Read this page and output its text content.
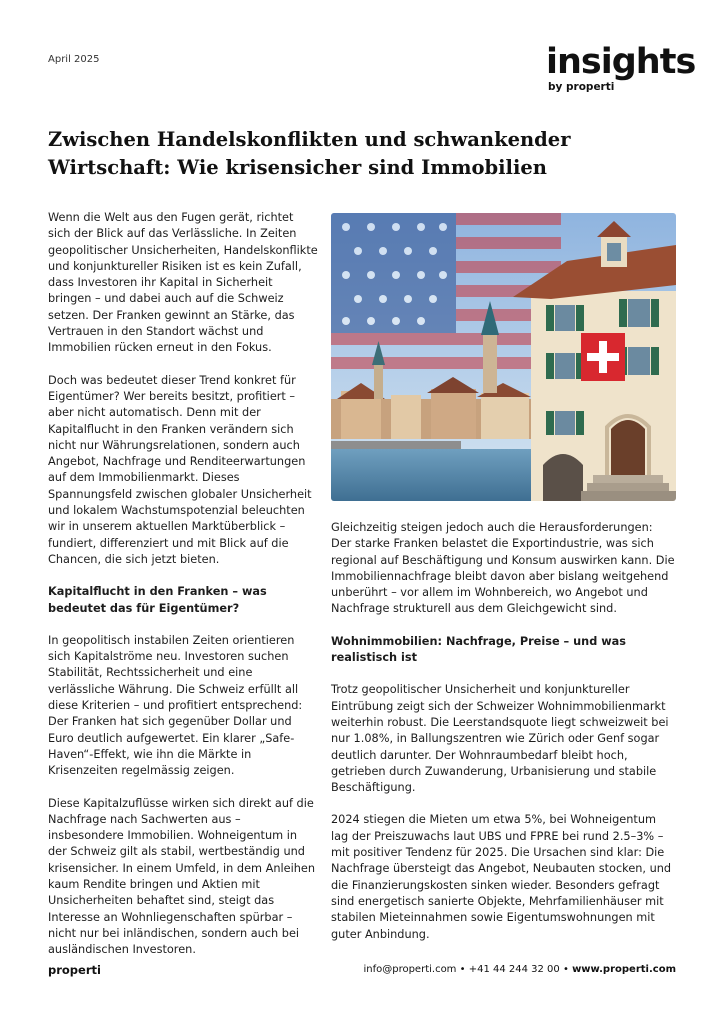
April 2025	insights
by properti
Zwischen Handelskonflikten und schwankender Wirtschaft: Wie krisensicher sind Immobilien

Wenn die Welt aus den Fugen gerät, richtet sich der Blick auf das Verlässliche. In Zeiten geopolitischer Unsicherheiten, Handelskonflikte und konjunktureller Risiken ist es kein Zufall, dass Investoren ihr Kapital in Sicherheit bringen – und dabei auch auf die Schweiz setzen. Der Franken gewinnt an Stärke, das Vertrauen in den Standort wächst und Immobilien rücken erneut in den Fokus.

Doch was bedeutet dieser Trend konkret für Eigentümer? Wer bereits besitzt, profitiert – aber nicht automatisch. Denn mit der Kapitalflucht in den Franken verändern sich nicht nur Währungsrelationen, sondern auch Angebot, Nachfrage und Renditeerwartungen auf dem Immobilienmarkt. Dieses Spannungsfeld zwischen globaler Unsicherheit und lokalem Wachstumspotenzial beleuchten wir in unserem aktuellen Marktüberblick – fundiert, differenziert und mit Blick auf die Chancen, die sich jetzt bieten.

Kapitalflucht in den Franken – was bedeutet das für Eigentümer?

In geopolitisch instabilen Zeiten orientieren sich Kapitalströme neu. Investoren suchen Stabilität, Rechtssicherheit und eine verlässliche Währung. Die Schweiz erfüllt all diese Kriterien – und profitiert entsprechend: Der Franken hat sich gegenüber Dollar und Euro deutlich aufgewertet. Ein klarer „Safe-Haven“-Effekt, wie ihn die Märkte in Krisenzeiten regelmässig zeigen.

Diese Kapitalzuflüsse wirken sich direkt auf die Nachfrage nach Sachwerten aus – insbesondere Immobilien. Wohneigentum in der Schweiz gilt als stabil, wertbeständig und krisensicher. In einem Umfeld, in dem Anleihen kaum Rendite bringen und Aktien mit Unsicherheiten behaftet sind, steigt das Interesse an Wohnliegenschaften spürbar – nicht nur bei inländischen, sondern auch bei ausländischen Investoren.

Gleichzeitig steigen jedoch auch die Herausforderungen: Der starke Franken belastet die Exportindustrie, was sich regional auf Beschäftigung und Konsum auswirken kann. Die Immobiliennachfrage bleibt davon aber bislang weitgehend unberührt – vor allem im Wohnbereich, wo Angebot und Nachfrage strukturell aus dem Gleichgewicht sind.

Wohnimmobilien: Nachfrage, Preise – und was realistisch ist

Trotz geopolitischer Unsicherheit und konjunktureller Eintrübung zeigt sich der Schweizer Wohnimmobilienmarkt weiterhin robust. Die Leerstandsquote liegt schweizweit bei nur 1.08%, in Ballungszentren wie Zürich oder Genf sogar deutlich darunter. Der Wohnraumbedarf bleibt hoch, getrieben durch Zuwanderung, Urbanisierung und stabile Beschäftigung.

2024 stiegen die Mieten um etwa 5%, bei Wohneigentum lag der Preiszuwachs laut UBS und FPRE bei rund 2.5–3% – mit positiver Tendenz für 2025. Die Ursachen sind klar: Die Nachfrage übersteigt das Angebot, Neubauten stocken, und die Finanzierungskosten sinken wieder. Besonders gefragt sind energetisch sanierte Objekte, Mehrfamilienhäuser mit stabilen Mieteinnahmen sowie Eigentumswohnungen mit guter Anbindung.

properti	info@properti.com • +41 44 244 32 00 • www.properti.com
